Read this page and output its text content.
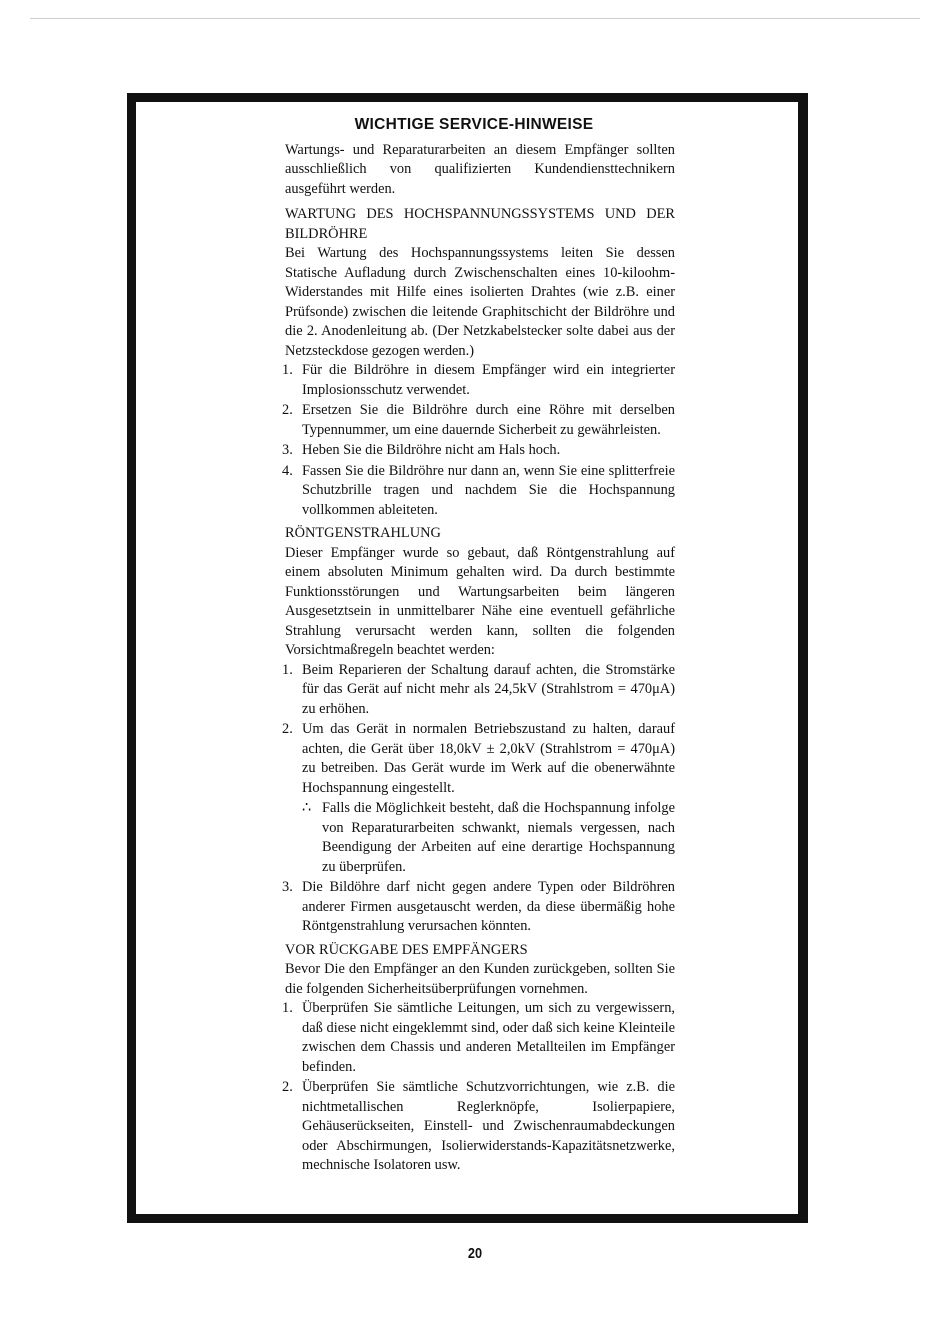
WICHTIGE SERVICE-HINWEISE

Wartungs- und Reparaturarbeiten an diesem Empfänger sollten ausschließlich von qualifizierten Kundendiensttechnikern ausgeführt werden.

WARTUNG DES HOCHSPANNUNGSSYSTEMS UND DER BILDRÖHRE

Bei Wartung des Hochspannungssystems leiten Sie dessen Statische Aufladung durch Zwischenschalten eines 10-kiloohm-Widerstandes mit Hilfe eines isolierten Drahtes (wie z.B. einer Prüfsonde) zwischen die leitende Graphitschicht der Bildröhre und die 2. Anodenleitung ab. (Der Netzkabelstecker solte dabei aus der Netzsteckdose gezogen werden.)

1. Für die Bildröhre in diesem Empfänger wird ein integrierter Implosionsschutz verwendet.
2. Ersetzen Sie die Bildröhre durch eine Röhre mit derselben Typennummer, um eine dauernde Sicherbeit zu gewährleisten.
3. Heben Sie die Bildröhre nicht am Hals hoch.
4. Fassen Sie die Bildröhre nur dann an, wenn Sie eine splitterfreie Schutzbrille tragen und nachdem Sie die Hochspannung vollkommen ableiteten.

RÖNTGENSTRAHLUNG

Dieser Empfänger wurde so gebaut, daß Röntgenstrahlung auf einem absoluten Minimum gehalten wird. Da durch bestimmte Funktionsstörungen und Wartungsarbeiten beim längeren Ausgesetztsein in unmittelbarer Nähe eine eventuell gefährliche Strahlung verursacht werden kann, sollten die folgenden Vorsichtmaßregeln beachtet werden:

1. Beim Reparieren der Schaltung darauf achten, die Stromstärke für das Gerät auf nicht mehr als 24,5kV (Strahlstrom = 470μA) zu erhöhen.
2. Um das Gerät in normalen Betriebszustand zu halten, darauf achten, die Gerät über 18,0kV ± 2,0kV (Strahlstrom = 470μA) zu betreiben. Das Gerät wurde im Werk auf die obenerwähnte Hochspannung eingestellt.
∴ Falls die Möglichkeit besteht, daß die Hochspannung infolge von Reparaturarbeiten schwankt, niemals vergessen, nach Beendigung der Arbeiten auf eine derartige Hochspannung zu überprüfen.
3. Die Bildöhre darf nicht gegen andere Typen oder Bildröhren anderer Firmen ausgetauscht werden, da diese übermäßig hohe Röntgenstrahlung verursachen könnten.

VOR RÜCKGABE DES EMPFÄNGERS

Bevor Die den Empfänger an den Kunden zurückgeben, sollten Sie die folgenden Sicherheitsüberprüfungen vornehmen.

1. Überprüfen Sie sämtliche Leitungen, um sich zu vergewissern, daß diese nicht eingeklemmt sind, oder daß sich keine Kleinteile zwischen dem Chassis und anderen Metallteilen im Empfänger befinden.
2. Überprüfen Sie sämtliche Schutzvorrichtungen, wie z.B. die nichtmetallischen Reglerknöpfe, Isolierpapiere, Gehäuserückseiten, Einstell- und Zwischenraumabdeckungen oder Abschirmungen, Isolierwiderstands-Kapazitätsnetzwerke, mechnische Isolatoren usw.
20
